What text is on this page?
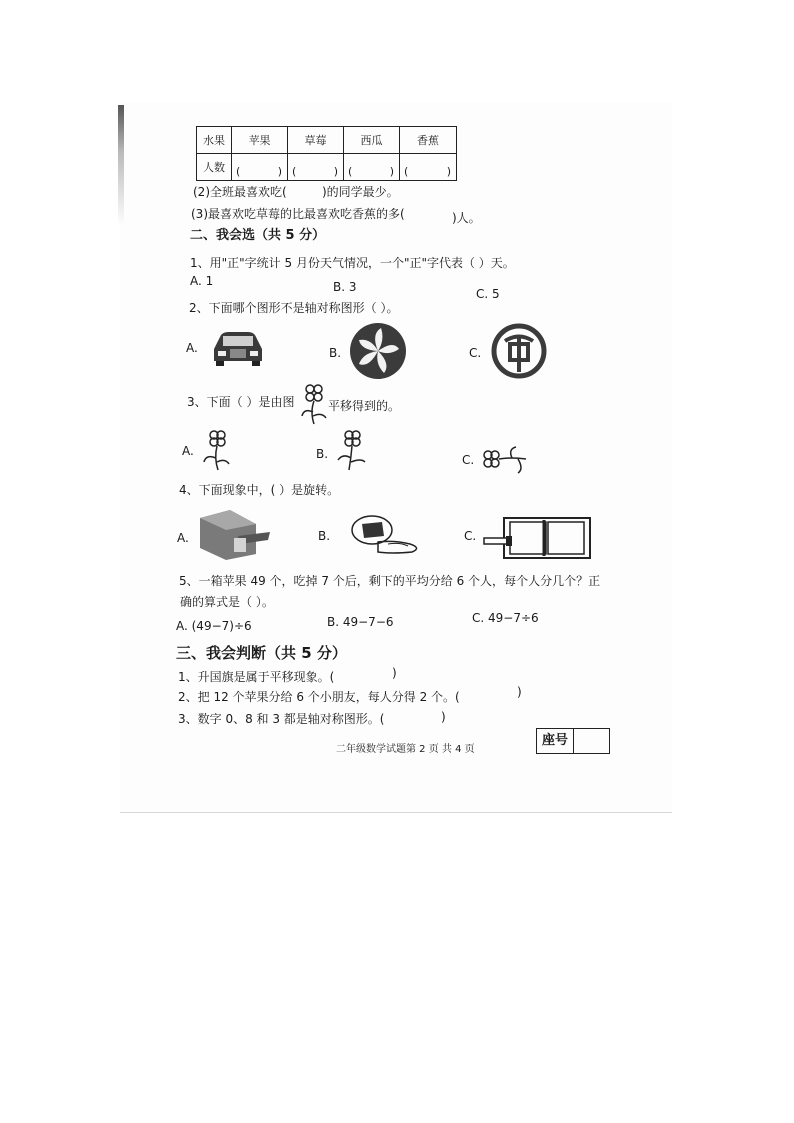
水果	苹果	草莓	西瓜	香蕉
人数	( )	( )	( )	( )
(2)全班最喜欢吃(	)的同学最少。
(3)最喜欢吃草莓的比最喜欢吃香蕉的多(	)人。
二、我会选（共 5 分）
1、用"正"字统计 5 月份天气情况，一个"正"字代表（ ）天。
A. 1	B. 3	C. 5
2、下面哪个图形不是轴对称图形（ ）。
A.	B.	C.
3、下面（ ）是由图	平移得到的。
A.	B.	C.
4、下面现象中，( ）是旋转。
A.	B.	C.
5、一箱苹果 49 个，吃掉 7 个后，剩下的平均分给 6 个人，每个人分几个？正
确的算式是（ ）。
A. (49−7)÷6	B. 49−7−6	C. 49−7÷6
三、我会判断（共 5 分）
1、升国旗是属于平移现象。(	)
2、把 12 个苹果分给 6 个小朋友，每人分得 2 个。(	)
3、数字 0、8 和 3 都是轴对称图形。(	)
二年级数学试题第 2 页 共 4 页
座号
